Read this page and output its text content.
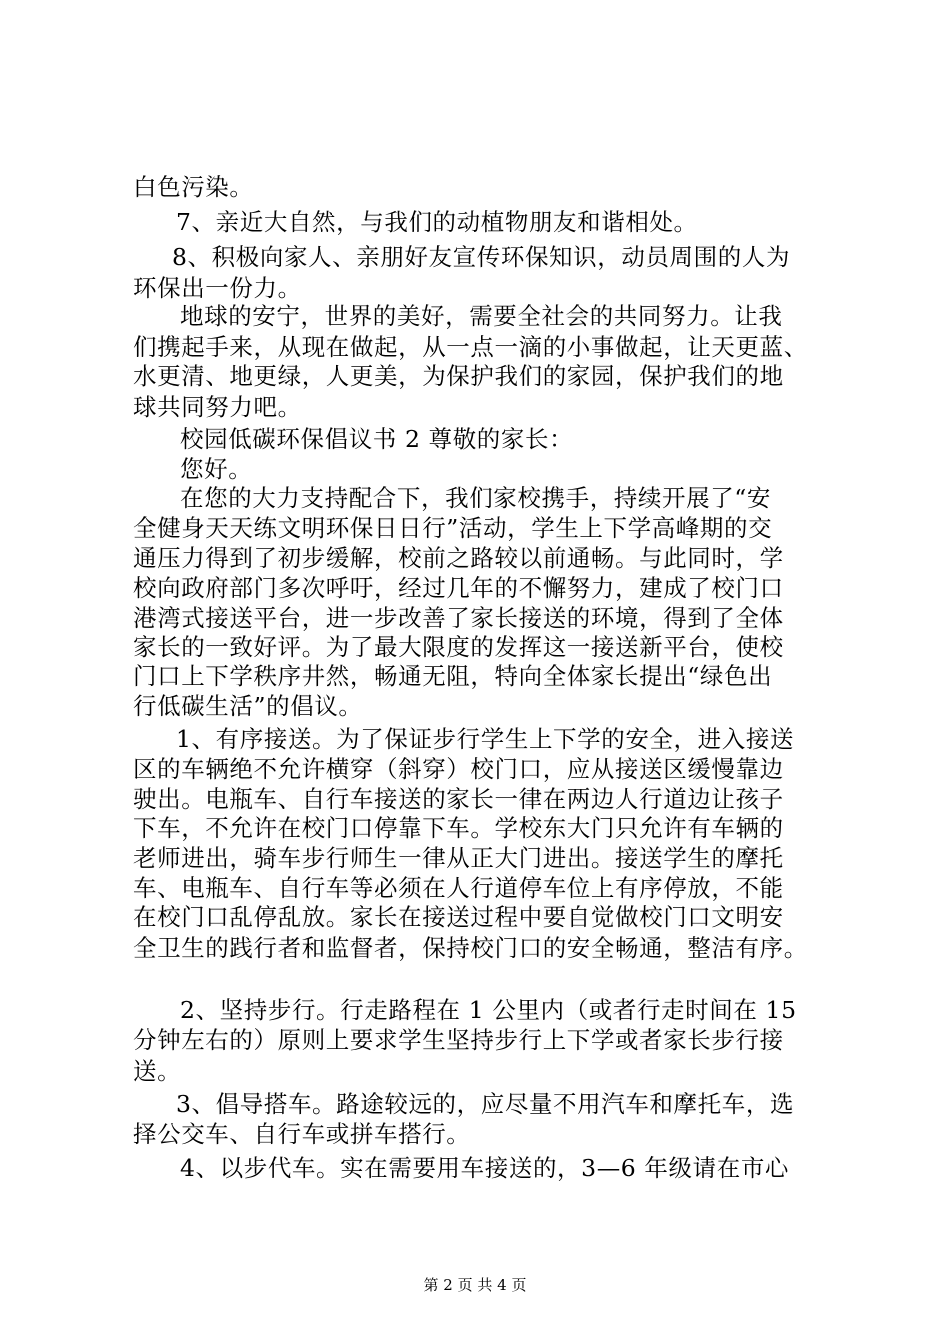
白色污染。
7、亲近大自然，与我们的动植物朋友和谐相处。
8、积极向家人、亲朋好友宣传环保知识，动员周围的人为
环保出一份力。
地球的安宁，世界的美好，需要全社会的共同努力。让我
们携起手来，从现在做起，从一点一滴的小事做起，让天更蓝、
水更清、地更绿，人更美，为保护我们的家园，保护我们的地
球共同努力吧。
校园低碳环保倡议书 2 尊敬的家长：
您好。
在您的大力支持配合下，我们家校携手，持续开展了“安
全健身天天练文明环保日日行”活动，学生上下学高峰期的交
通压力得到了初步缓解，校前之路较以前通畅。与此同时，学
校向政府部门多次呼吁，经过几年的不懈努力，建成了校门口
港湾式接送平台，进一步改善了家长接送的环境，得到了全体
家长的一致好评。为了最大限度的发挥这一接送新平台，使校
门口上下学秩序井然，畅通无阻，特向全体家长提出“绿色出
行低碳生活”的倡议。
1、有序接送。为了保证步行学生上下学的安全，进入接送
区的车辆绝不允许横穿（斜穿）校门口，应从接送区缓慢靠边
驶出。电瓶车、自行车接送的家长一律在两边人行道边让孩子
下车，不允许在校门口停靠下车。学校东大门只允许有车辆的
老师进出，骑车步行师生一律从正大门进出。接送学生的摩托
车、电瓶车、自行车等必须在人行道停车位上有序停放，不能
在校门口乱停乱放。家长在接送过程中要自觉做校门口文明安
全卫生的践行者和监督者，保持校门口的安全畅通，整洁有序。
2、坚持步行。行走路程在 1 公里内（或者行走时间在 15
分钟左右的）原则上要求学生坚持步行上下学或者家长步行接
送。
3、倡导搭车。路途较远的，应尽量不用汽车和摩托车，选
择公交车、自行车或拼车搭行。
4、以步代车。实在需要用车接送的，3—6 年级请在市心
第 2 页 共 4 页
